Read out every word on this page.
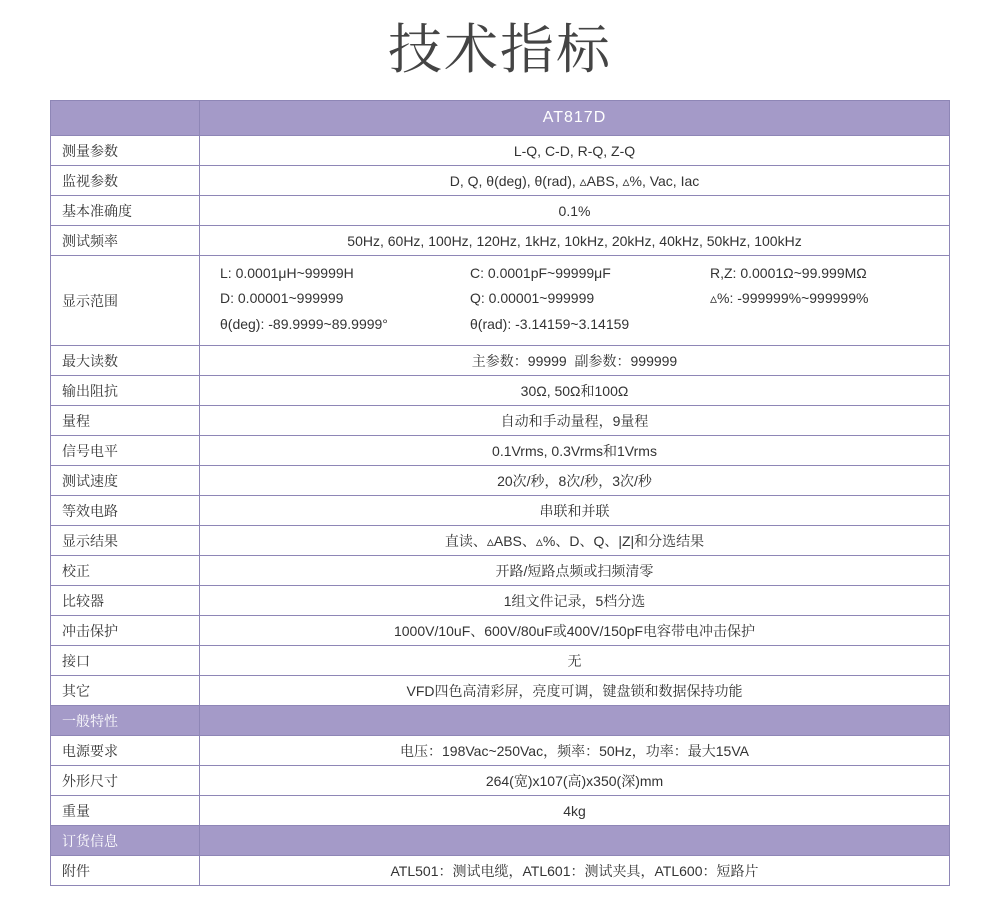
技术指标
AT817D
测量参数	L-Q, C-D, R-Q, Z-Q
监视参数	D, Q, θ(deg), θ(rad), ▵ABS, ▵%, Vac, Iac
基本准确度	0.1%
测试频率	50Hz, 60Hz, 100Hz, 120Hz, 1kHz, 10kHz, 20kHz, 40kHz, 50kHz, 100kHz
显示范围
L: 0.0001μH~99999H	C: 0.0001pF~99999μF	R,Z: 0.0001Ω~99.999MΩ
D: 0.00001~999999	Q: 0.00001~999999	▵%: -999999%~999999%
θ(deg): -89.9999~89.9999°	θ(rad): -3.14159~3.14159
最大读数	主参数：99999  副参数：999999
输出阻抗	30Ω, 50Ω和100Ω
量程	自动和手动量程，9量程
信号电平	0.1Vrms, 0.3Vrms和1Vrms
测试速度	20次/秒，8次/秒，3次/秒
等效电路	串联和并联
显示结果	直读、▵ABS、▵%、D、Q、|Z|和分选结果
校正	开路/短路点频或扫频清零
比较器	1组文件记录，5档分选
冲击保护	1000V/10uF、600V/80uF或400V/150pF电容带电冲击保护
接口	无
其它	VFD四色高清彩屏，亮度可调，键盘锁和数据保持功能
一般特性
电源要求	电压：198Vac~250Vac，频率：50Hz，功率：最大15VA
外形尺寸	264(宽)x107(高)x350(深)mm
重量	4kg
订货信息
附件	ATL501：测试电缆，ATL601：测试夹具，ATL600：短路片
